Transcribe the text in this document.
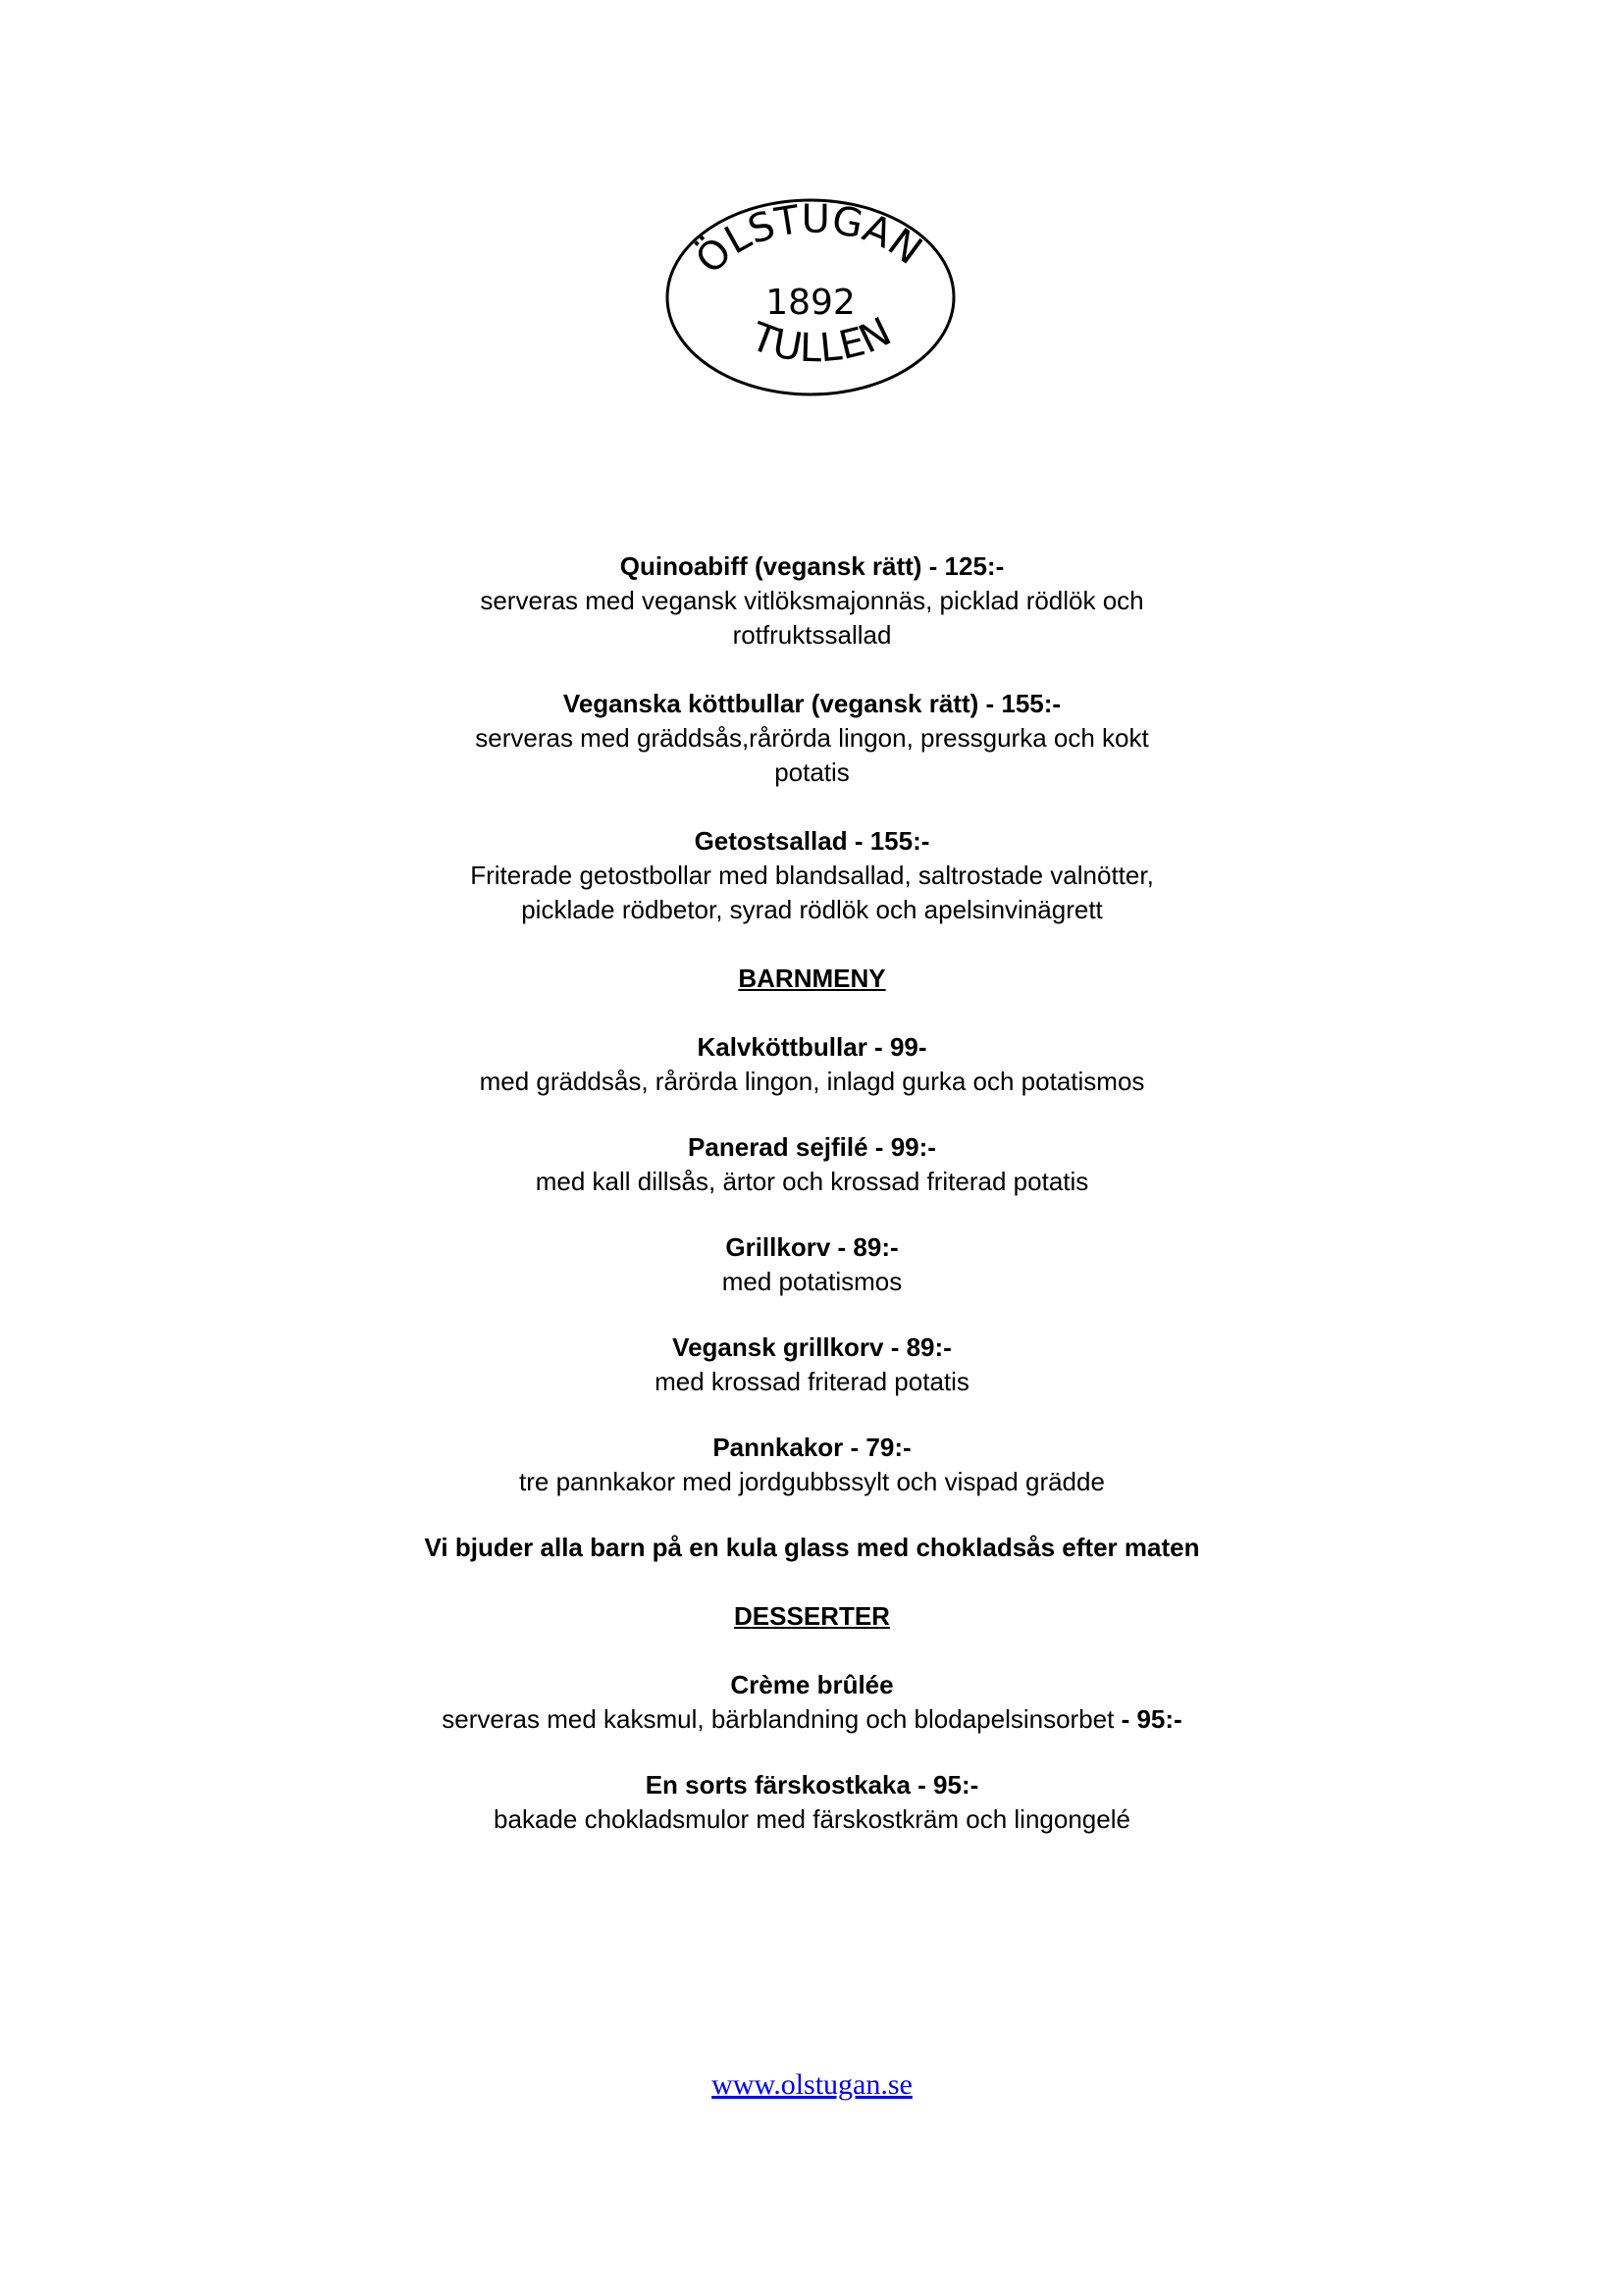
ÖLSTUGAN
1892
TULLEN
Quinoabiff (vegansk rätt) - 125:-
serveras med vegansk vitlöksmajonnäs, picklad rödlök och
rotfruktssallad
Veganska köttbullar (vegansk rätt) - 155:-
serveras med gräddsås,rårörda lingon, pressgurka och kokt
potatis
Getostsallad - 155:-
Friterade getostbollar med blandsallad, saltrostade valnötter,
picklade rödbetor, syrad rödlök och apelsinvinägrett
BARNMENY
Kalvköttbullar - 99-
med gräddsås, rårörda lingon, inlagd gurka och potatismos
Panerad sejfilé - 99:-
med kall dillsås, ärtor och krossad friterad potatis
Grillkorv - 89:-
med potatismos
Vegansk grillkorv - 89:-
med krossad friterad potatis
Pannkakor - 79:-
tre pannkakor med jordgubbssylt och vispad grädde
Vi bjuder alla barn på en kula glass med chokladsås efter maten
DESSERTER
Crème brûlée
serveras med kaksmul, bärblandning och blodapelsinsorbet - 95:-
En sorts färskostkaka - 95:-
bakade chokladsmulor med färskostkräm och lingongelé
www.olstugan.se
